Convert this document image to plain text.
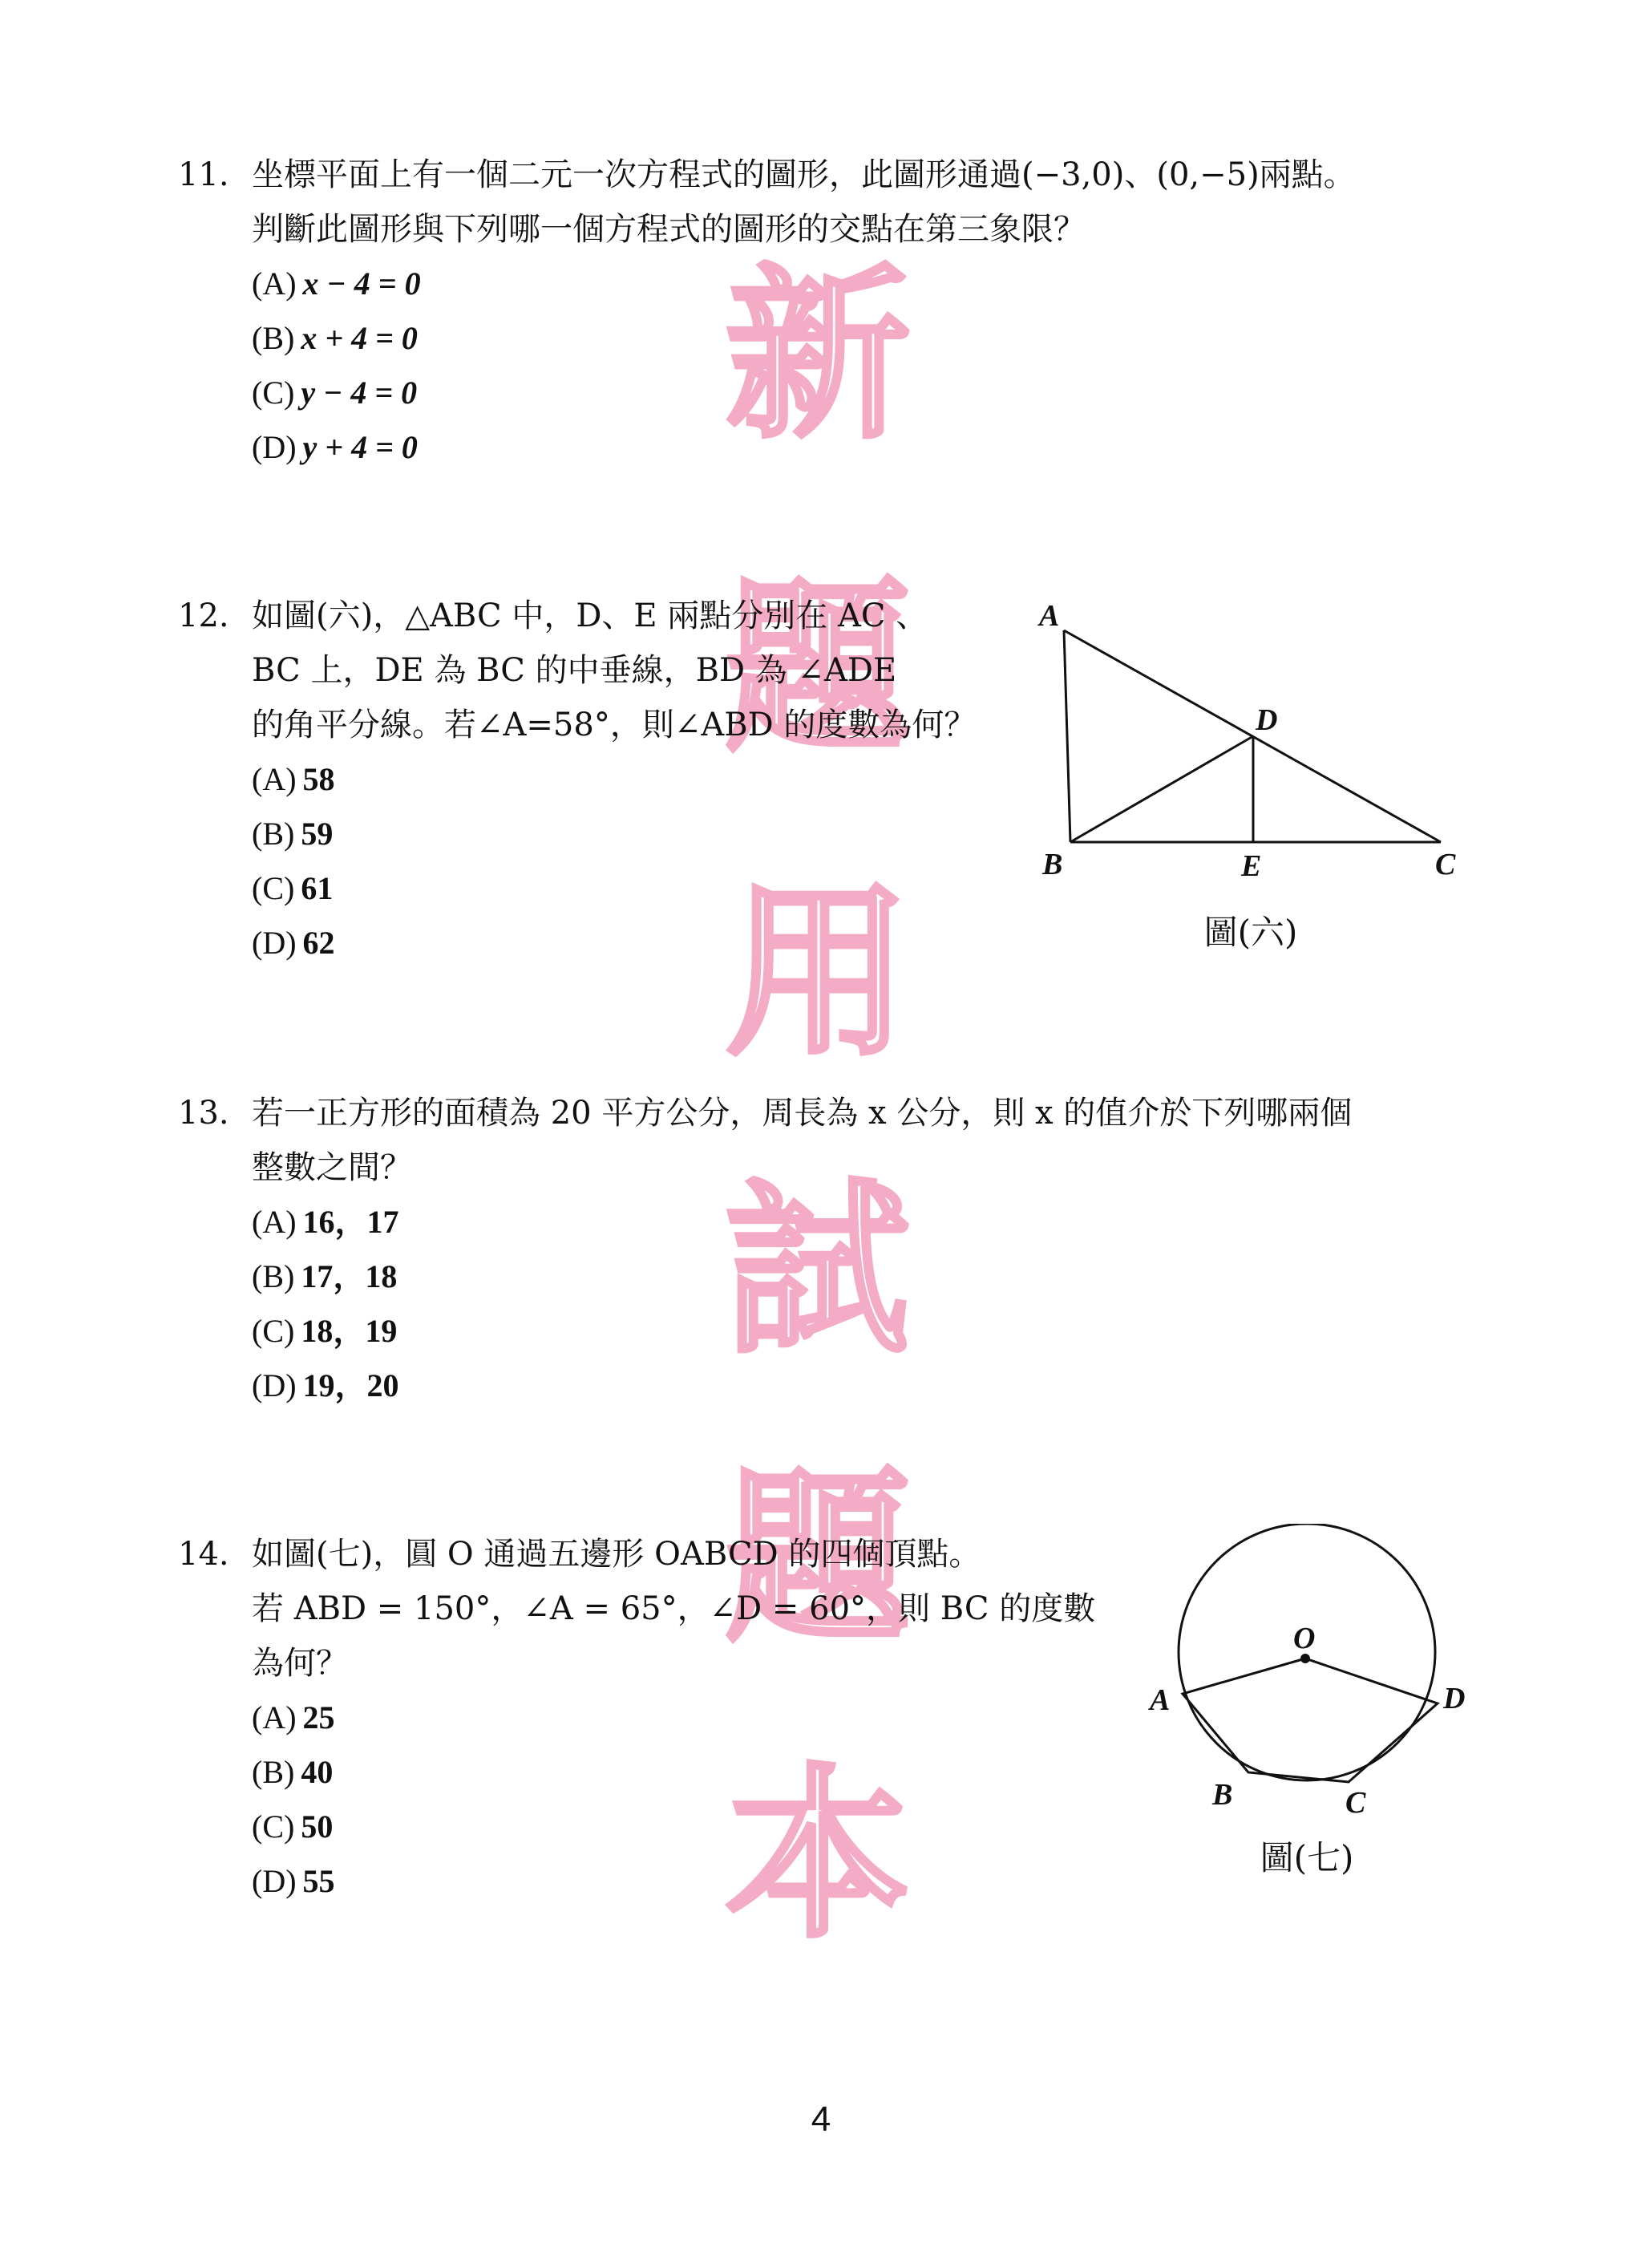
新
題
用
試
題
本
11. 坐標平面上有一個二元一次方程式的圖形，此圖形通過(−3,0)、(0,−5)兩點。
判斷此圖形與下列哪一個方程式的圖形的交點在第三象限？
(A) x − 4 = 0
(B) x + 4 = 0
(C) y − 4 = 0
(D) y + 4 = 0
12. 如圖(六)，△ABC 中，D、E 兩點分別在 AC 、
BC 上，DE 為 BC 的中垂線，BD 為 ∠ADE
的角平分線。若∠A=58°，則∠ABD 的度數為何？
(A) 58
(B) 59
(C) 61
(D) 62
A
B	C
D
E
圖(六)
13. 若一正方形的面積為 20 平方公分，周長為 x 公分，則 x 的值介於下列哪兩個
整數之間？
(A) 16，17
(B) 17，18
(C) 18，19
(D) 19，20
14. 如圖(七)，圓 O 通過五邊形 OABCD 的四個頂點。
若 ABD = 150°，∠A = 65°，∠D = 60°，則 BC 的度數
為何？
(A) 25
(B) 40
(C) 50
(D) 55
O
A
B	C
D
圖(七)
4
